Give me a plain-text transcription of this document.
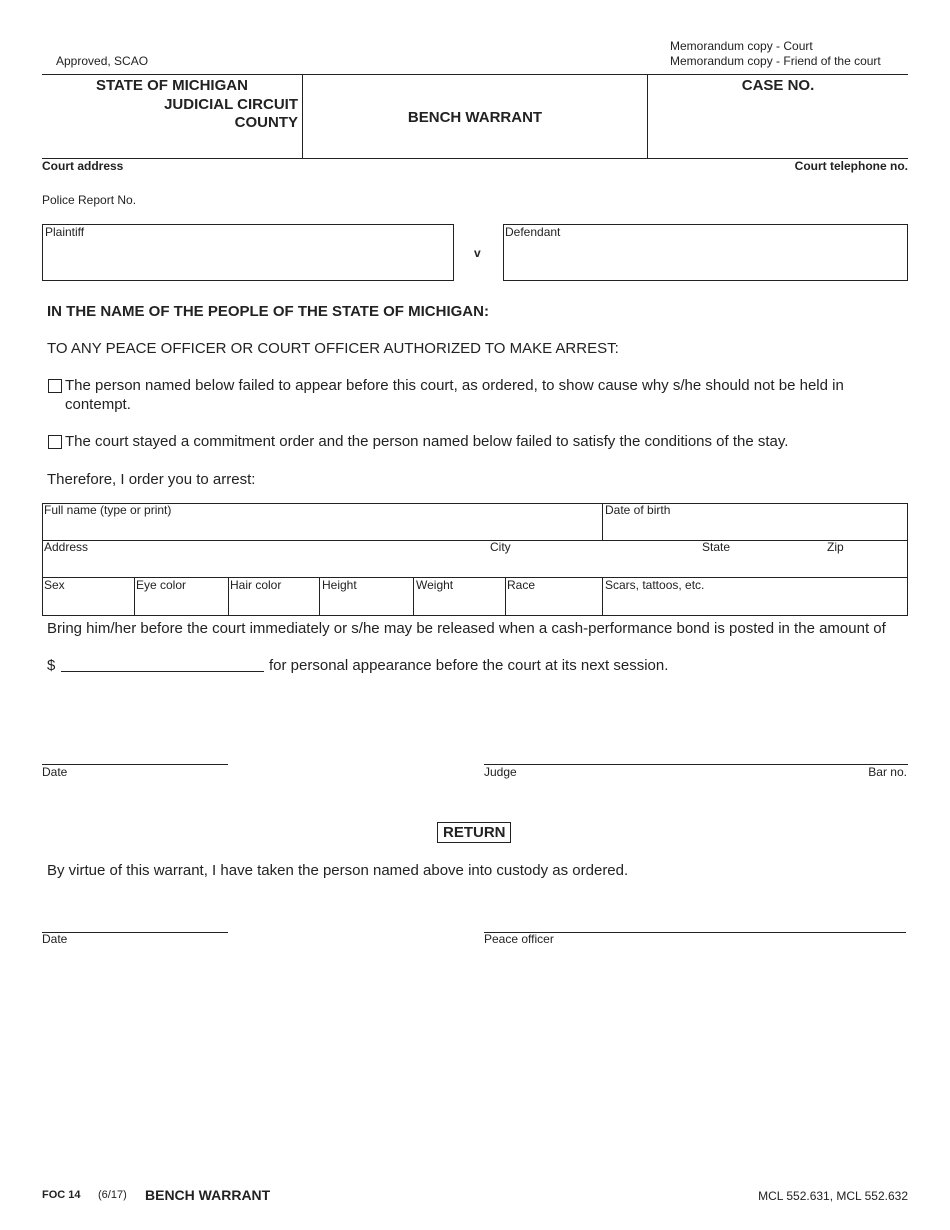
Approved, SCAO
Memorandum copy - Court
Memorandum copy - Friend of the court
STATE OF MICHIGAN
JUDICIAL CIRCUIT
COUNTY	BENCH WARRANT
CASE NO.
Court address	Court telephone no.
Police Report No.
Plaintiff
v
Defendant
IN THE NAME OF THE PEOPLE OF THE STATE OF MICHIGAN:
TO ANY PEACE OFFICER OR COURT OFFICER AUTHORIZED TO MAKE ARREST:
The person named below failed to appear before this court, as ordered, to show cause why s/he should not be held in
contempt.
The court stayed a commitment order and the person named below failed to satisfy the conditions of the stay.
Therefore, I order you to arrest:
Full name (type or print)	Date of birth
Address	City	State	Zip
Sex	Eye color	Hair color	Height	Weight	Race	Scars, tattoos, etc.
Bring him/her before the court immediately or s/he may be released when a cash-performance bond is posted in the amount of
$	for personal appearance before the court at its next session.
Date	Judge	Bar no.
RETURN
By virtue of this warrant, I have taken the person named above into custody as ordered.
Date	Peace officer
FOC 14 (6/17) BENCH WARRANT	MCL 552.631, MCL 552.632
